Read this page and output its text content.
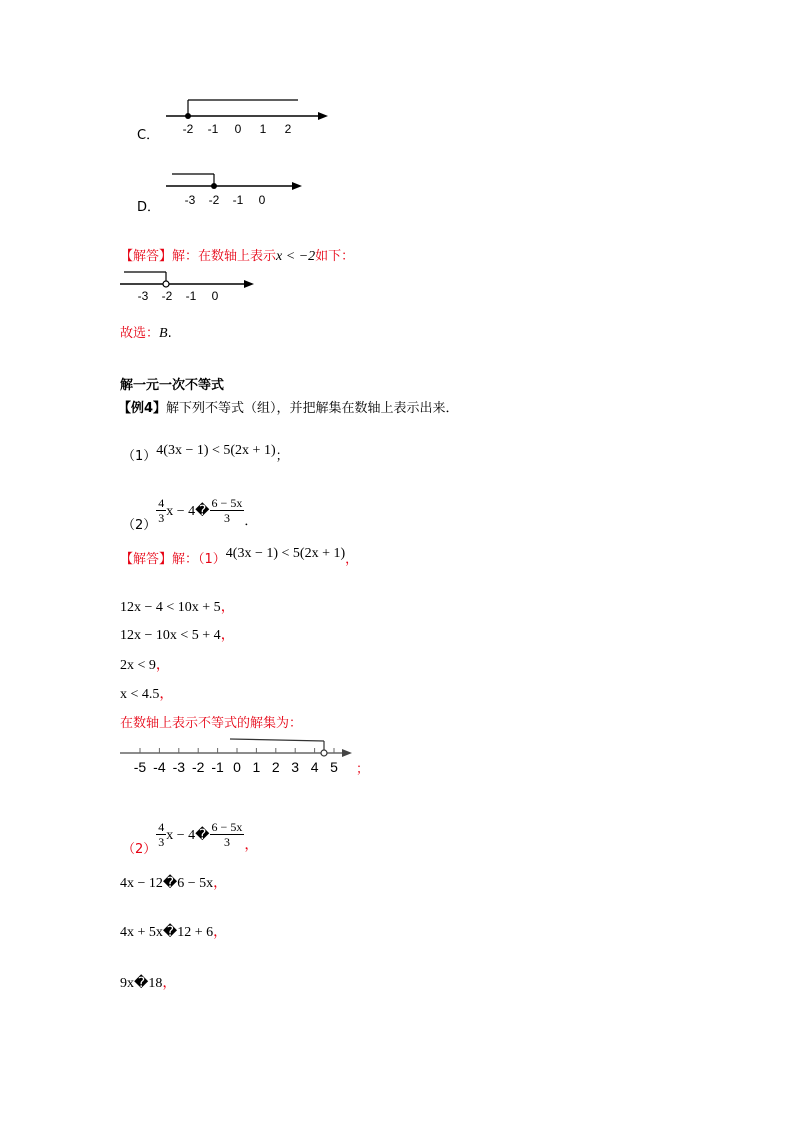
C． -2 -1 0 1 2
D． -3 -2 -1 0
【解答】解：在数轴上表示x < −2如下：
-3 -2 -1 0
故选：B.
解一元一次不等式
【例4】解下列不等式（组），并把解集在数轴上表示出来．
（1）4(3x − 1) < 5(2x + 1)；
$_{(2)}$
$\frac{4}{3}$ x − 4� $\frac{6 - 5x}{3} _.$
【解答】解：（1）4(3x − 1) < 5(2x + 1)，
12x − 4 < 10x + 5，
12x − 10x < 5 + 4，
2x < 9，
x < 4.5，
在数轴上表示不等式的解集为：
-5 -4 -3 -2 -1 0 1 2 3 4 5 ；
$_{(2)}$
$\frac{4}{3}$ x − 4� $\frac{6 - 5x}{3}$ ，
4x − 12�6 − 5x，
4x + 5x�12 + 6，
9x�18，
